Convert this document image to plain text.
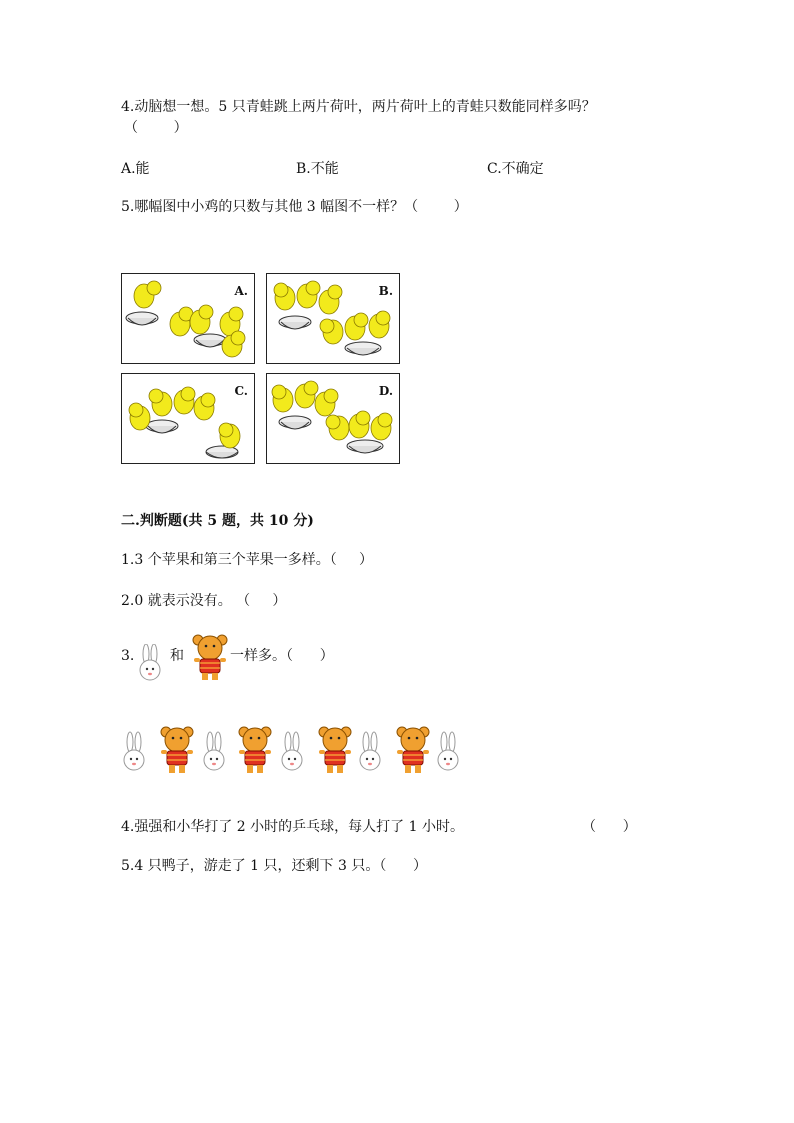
4.动脑想一想。5 只青蛙跳上两片荷叶，两片荷叶上的青蛙只数能同样多吗？
（        ）
A.能	B.不能	C.不确定
5.哪幅图中小鸡的只数与其他 3 幅图不一样？（        ）
A.	B.
C.	D.
二.判断题(共 5 题，共 10 分)
1.3 个苹果和第三个苹果一多样。（     ）
2.0 就表示没有。 （     ）
3.	和	一样多。（      ）
4.强强和小华打了 2 小时的乒乓球，每人打了 1 小时。	（      ）
5.4 只鸭子，游走了 1 只，还剩下 3 只。（      ）
